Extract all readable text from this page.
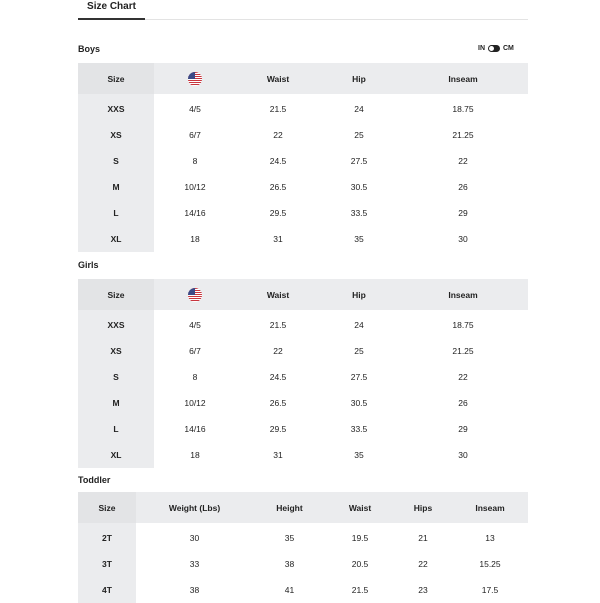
Size Chart
Boys	IN	CM
Size		Waist	Hip	Inseam
XXS	4/5	21.5	24	18.75
XS	6/7	22	25	21.25
S	8	24.5	27.5	22
M	10/12	26.5	30.5	26
L	14/16	29.5	33.5	29
XL	18	31	35	30
Girls
Size		Waist	Hip	Inseam
XXS	4/5	21.5	24	18.75
XS	6/7	22	25	21.25
S	8	24.5	27.5	22
M	10/12	26.5	30.5	26
L	14/16	29.5	33.5	29
XL	18	31	35	30
Toddler
Size	Weight (Lbs)	Height	Waist	Hips	Inseam
2T	30	35	19.5	21	13
3T	33	38	20.5	22	15.25
4T	38	41	21.5	23	17.5
